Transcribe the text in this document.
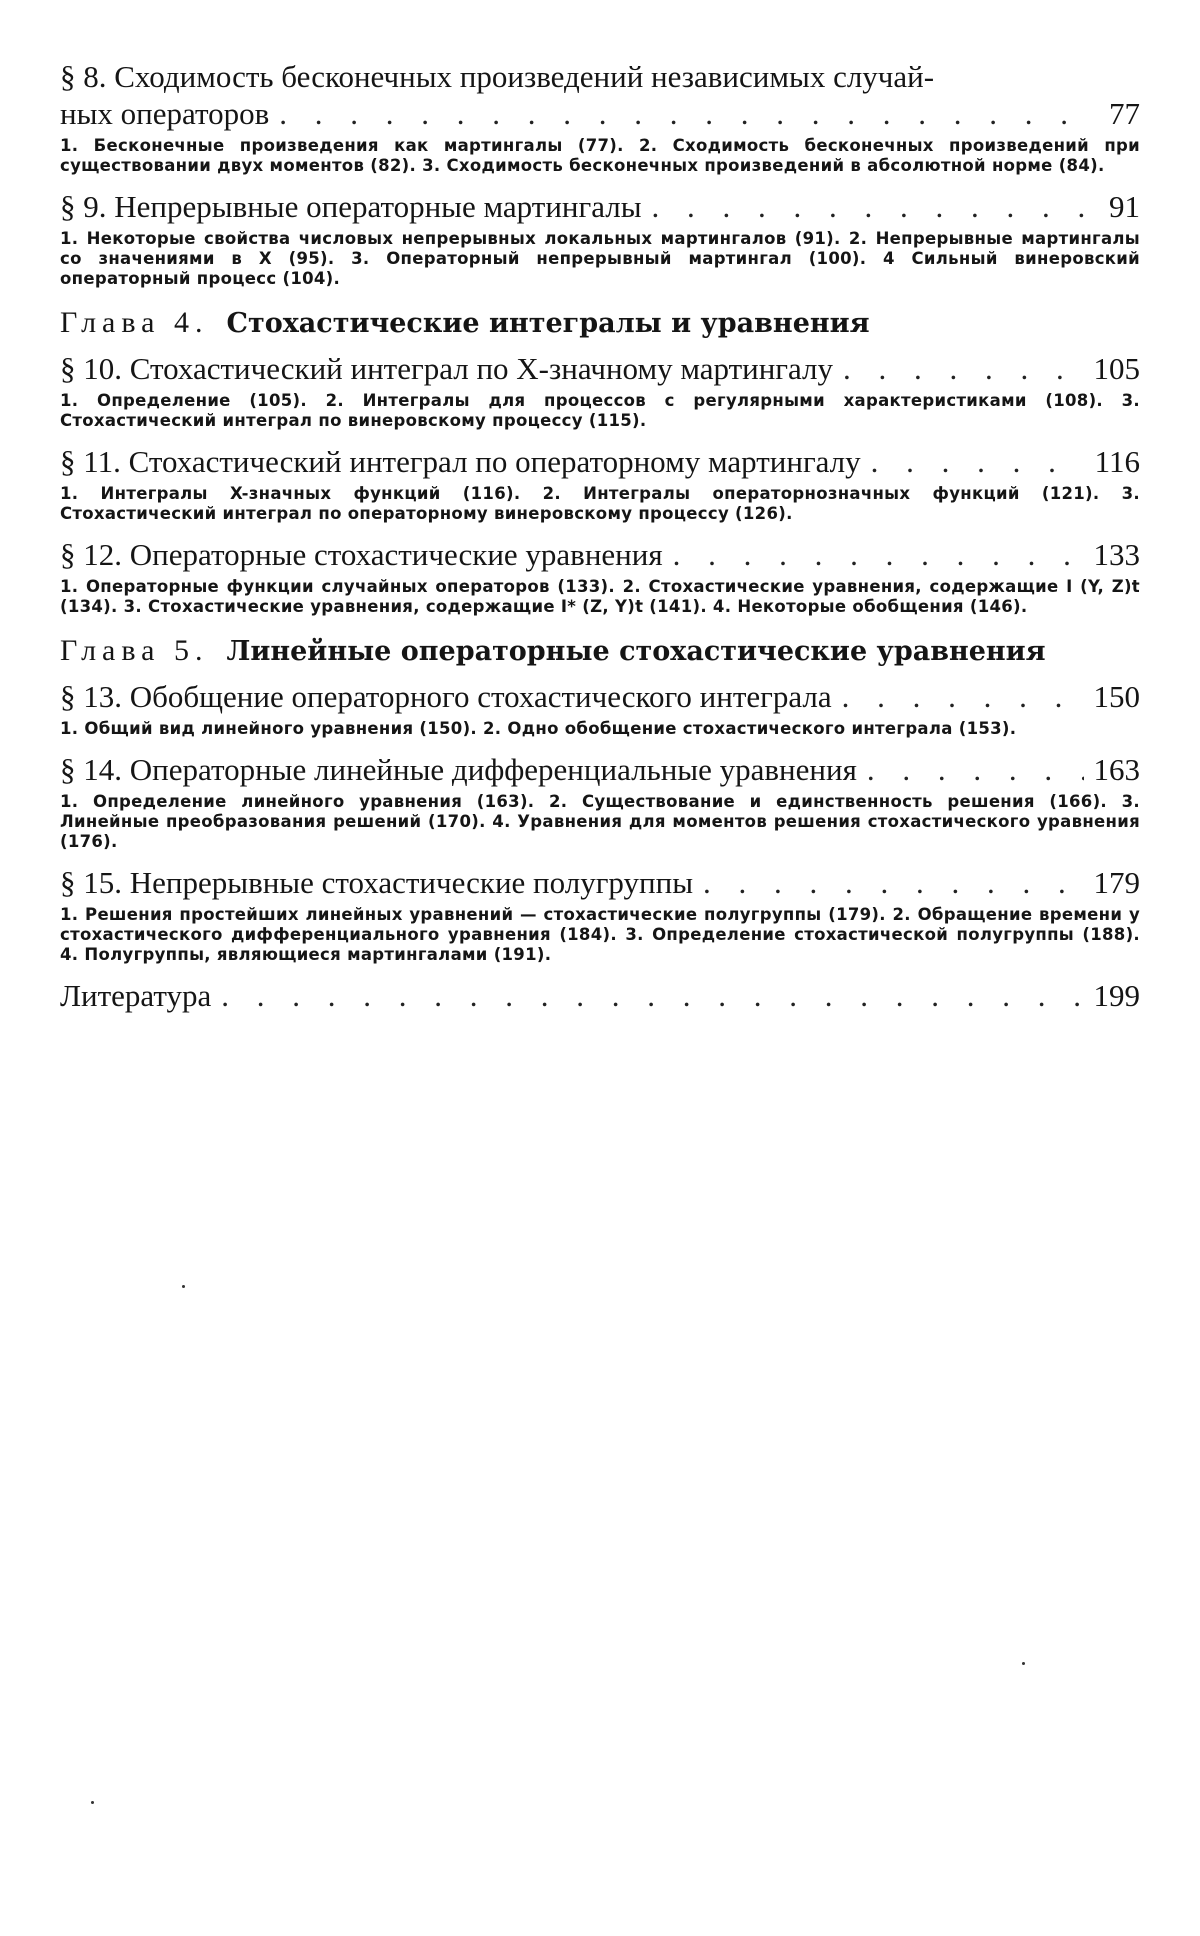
§ 8. Сходимость бесконечных произведений независимых случай-
ных операторов
. . .	77
1. Бесконечные произведения как мартингалы (77). 2. Сходимость бесконечных произведений при существовании двух моментов (82). 3. Сходимость бесконечных произведений в абсолютной норме (84).
§ 9. Непрерывные операторные мартингалы
. . .	91
1. Некоторые свойства числовых непрерывных локальных мартингалов (91). 2. Непрерывные мартингалы со значениями в X (95). 3. Операторный непрерывный мартингал (100). 4 Сильный винеровский операторный процесс (104).
Глава 4. Стохастические интегралы и уравнения
§ 10. Стохастический интеграл по X-значному мартингалу
. . .	105
1. Определение (105). 2. Интегралы для процессов с регулярными характеристиками (108). 3. Стохастический интеграл по винеровскому процессу (115).
§ 11. Стохастический интеграл по операторному мартингалу
. . .	116
1. Интегралы X-значных функций (116). 2. Интегралы операторнозначных функций (121). 3. Стохастический интеграл по операторному винеровскому процессу (126).
§ 12. Операторные стохастические уравнения
. . .	133
1. Операторные функции случайных операторов (133). 2. Стохастические уравнения, содержащие I (Y, Z)t (134). 3. Стохастические уравнения, содержащие I* (Z, Y)t (141). 4. Некоторые обобщения (146).
Глава 5. Линейные операторные стохастические уравнения
§ 13. Обобщение операторного стохастического интеграла
. . .	150
1. Общий вид линейного уравнения (150). 2. Одно обобщение стохастического интеграла (153).
§ 14. Операторные линейные дифференциальные уравнения
. . .	163
1. Определение линейного уравнения (163). 2. Существование и единственность решения (166). 3. Линейные преобразования решений (170). 4. Уравнения для моментов решения стохастического уравнения (176).
§ 15. Непрерывные стохастические полугруппы
. . .	179
1. Решения простейших линейных уравнений — стохастические полугруппы (179). 2. Обращение времени у стохастического дифференциального уравнения (184). 3. Определение стохастической полугруппы (188). 4. Полугруппы, являющиеся мартингалами (191).
Литература
. . .	199
